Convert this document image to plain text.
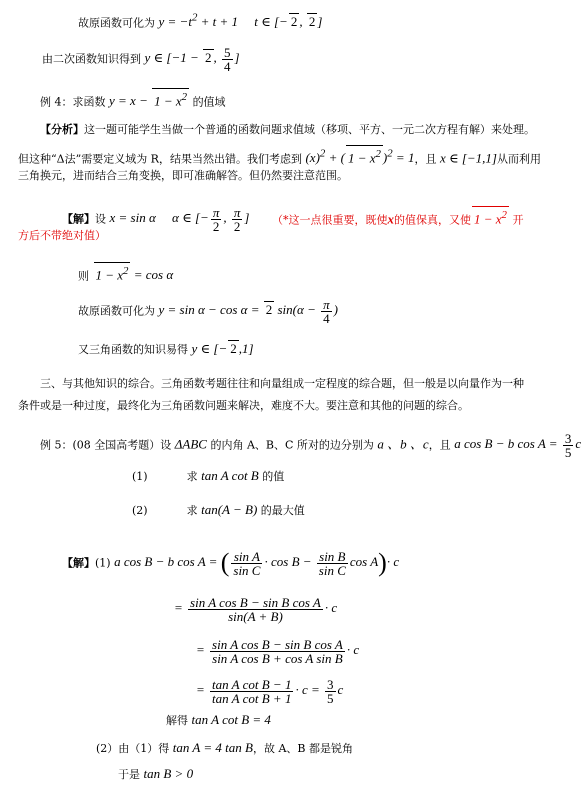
故原函数可化为 $y = -t^2 + t + 1$     t ∈ [− 2 , 2 ]
由二次函数知识得到 y ∈ [−1 − 2 , $\frac{5}{4}$ ]
例 4：求函数 $y = x - 1 - x^2$ 的值域
【分析】这一题可能学生当做一个普通的函数问题求值域（移项、平方、一元二次方程有解）来处理。
但这种“Δ法”需要定义域为 R，结果当然出错。我们考虑到 $(x)^2$ + ( $1 - x^2$ )$^2$ = 1，且 x ∈ [−1,1]从而利用
三角换元，进而结合三角变换，即可准确解答。但仍然要注意范围。
【解】设 x = sin α     α ∈ [− $\frac{\pi}{2}$ , $\frac{\pi}{2}$ ] （*这一点很重要，既使x的值保真，又使 $1 - x^2$ 开
方后不带绝对值）
则 $1 - x^2 = \cos \alpha$
故原函数可化为 y = sin α − cos α = 2 $\sin(\alpha - \frac{\pi}{4}$ )
又三角函数的知识易得 y ∈ [− 2 ,1]
三、与其他知识的综合。三角函数考题往往和向量组成一定程度的综合题，但一般是以向量作为一种
条件或是一种过度，最终化为三角函数问题来解决，难度不大。要注意和其他的问题的综合。
例 5：(08 全国高考题）设 ΔABC 的内角 A、B、C 所对的边分别为 a 、b 、c，且 a cos B − b $\cos A = \frac{3}{5}$ c
(1)	求 tan A cot B 的值
(2)	求 tan(A − B) 的最大值
【解】(1) a cos B − b cos A = ( $\frac{\text{sin A}}{\text{sin C}} \cdot \cos B - \frac{\text{sin B}}{\text{sin C}}$ cos A)· c
= $\frac{\text{sin A cos B − sin B cos A}}{\sin(A + B)} \cdot c$
= $\frac{\text{sin A cos B − sin B cos A}}{\text{sin A cos B + cos A sin B}} \cdot c$
= $\frac{\text{tan A cot B − 1}}{\text{tan A cot B + 1}} \cdot c = \frac{3}{5}$ c
解得 tan A cot B = 4
(2）由（1）得 tan A = 4 tan B，故 A、B 都是锐角
于是 tan B > 0
